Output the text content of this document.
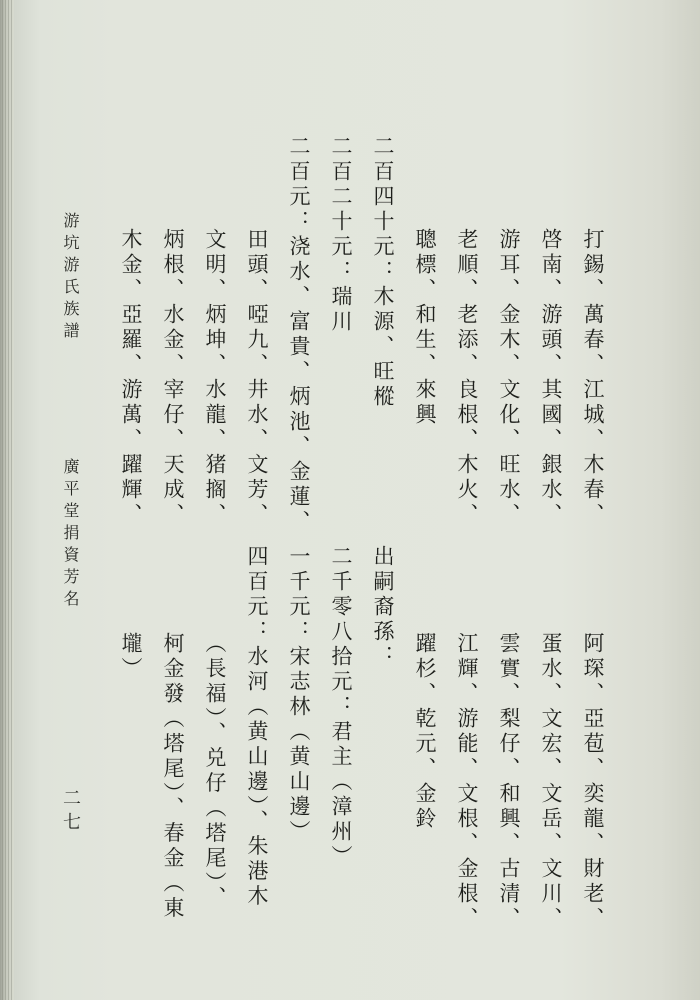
打錫、萬春、江城、木春、
阿琛、亞苞、奕龍、財老、
啓南、游頭、其國、銀水、
蛋水、文宏、文岳、文川、
游耳、金木、文化、旺水、
雲實、梨仔、和興、古清、
老順、老添、良根、木火、
江輝、游能、文根、金根、
聰標、和生、來興
躍杉、乾元、金鈴
出嗣裔孫：
二百四十元：木源、旺樅
二百二十元：瑞川
二千零八拾元：君主（漳州）
二百元：浇水、富貴、炳池、金蓮、
一千元：宋志林（黄山邊）
田頭、啞九、井水、文芳、
四百元：水河（黄山邊）、朱港木
文明、炳坤、水龍、猪搁、
（長福）、兑仔（塔尾）、
炳根、水金、宰仔、天成、
柯金發（塔尾）、春金（東
木金、亞羅、游萬、躍輝、
壠）
游坑游氏族譜
廣平堂捐資芳名
二七
